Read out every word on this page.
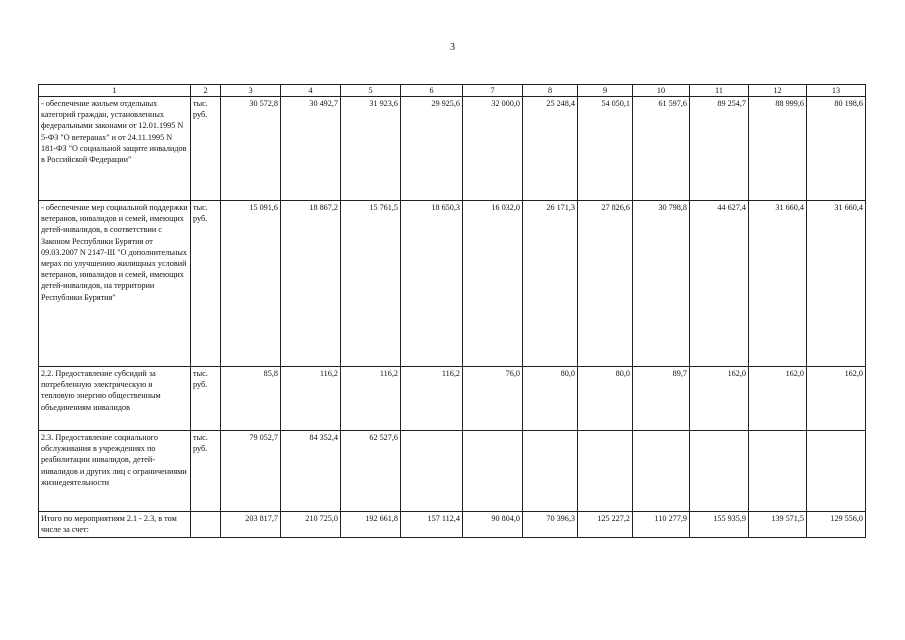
3
1	2	3	4	5	6	7	8	9	10	11	12	13
- обеспечение жильем отдельных категорий граждан, установленных федеральными законами от 12.01.1995 N 5-ФЗ "О ветеранах" и от 24.11.1995 N 181-ФЗ "О социальной защите инвалидов в Российской Федерации"	тыс. руб.	30 572,8	30 492,7	31 923,6	29 925,6	32 000,0	25 248,4	54 050,1	61 597,6	89 254,7	88 999,6	80 198,6
- обеспечение мер социальной поддержки ветеранов, инвалидов и семей, имеющих детей-инвалидов, в соответствии с Законом Республики Бурятия от 09.03.2007 N 2147-III "О дополнительных мерах по улучшению жилищных условий ветеранов, инвалидов и семей, имеющих детей-инвалидов, на территории Республики Бурятия"	тыс. руб.	15 091,6	18 867,2	15 761,5	18 650,3	16 032,0	26 171,3	27 826,6	30 798,8	44 627,4	31 660,4	31 660,4
2.2. Предоставление субсидий за потребленную электрическую и тепловую энергию общественным объединениям инвалидов	тыс. руб.	85,8	116,2	116,2	116,2	76,0	80,0	80,0	89,7	162,0	162,0	162,0
2.3. Предоставление социального обслуживания в учреждениях по реабилитации инвалидов, детей-инвалидов и других лиц с ограничениями жизнедеятельности	тыс. руб.	79 052,7	84 352,4	62 527,6								
Итого по мероприятиям 2.1 - 2.3, в том числе за счет:		203 817,7	210 725,0	192 661,8	157 112,4	90 804,0	70 396,3	125 227,2	110 277,9	155 935,9	139 571,5	129 556,0
